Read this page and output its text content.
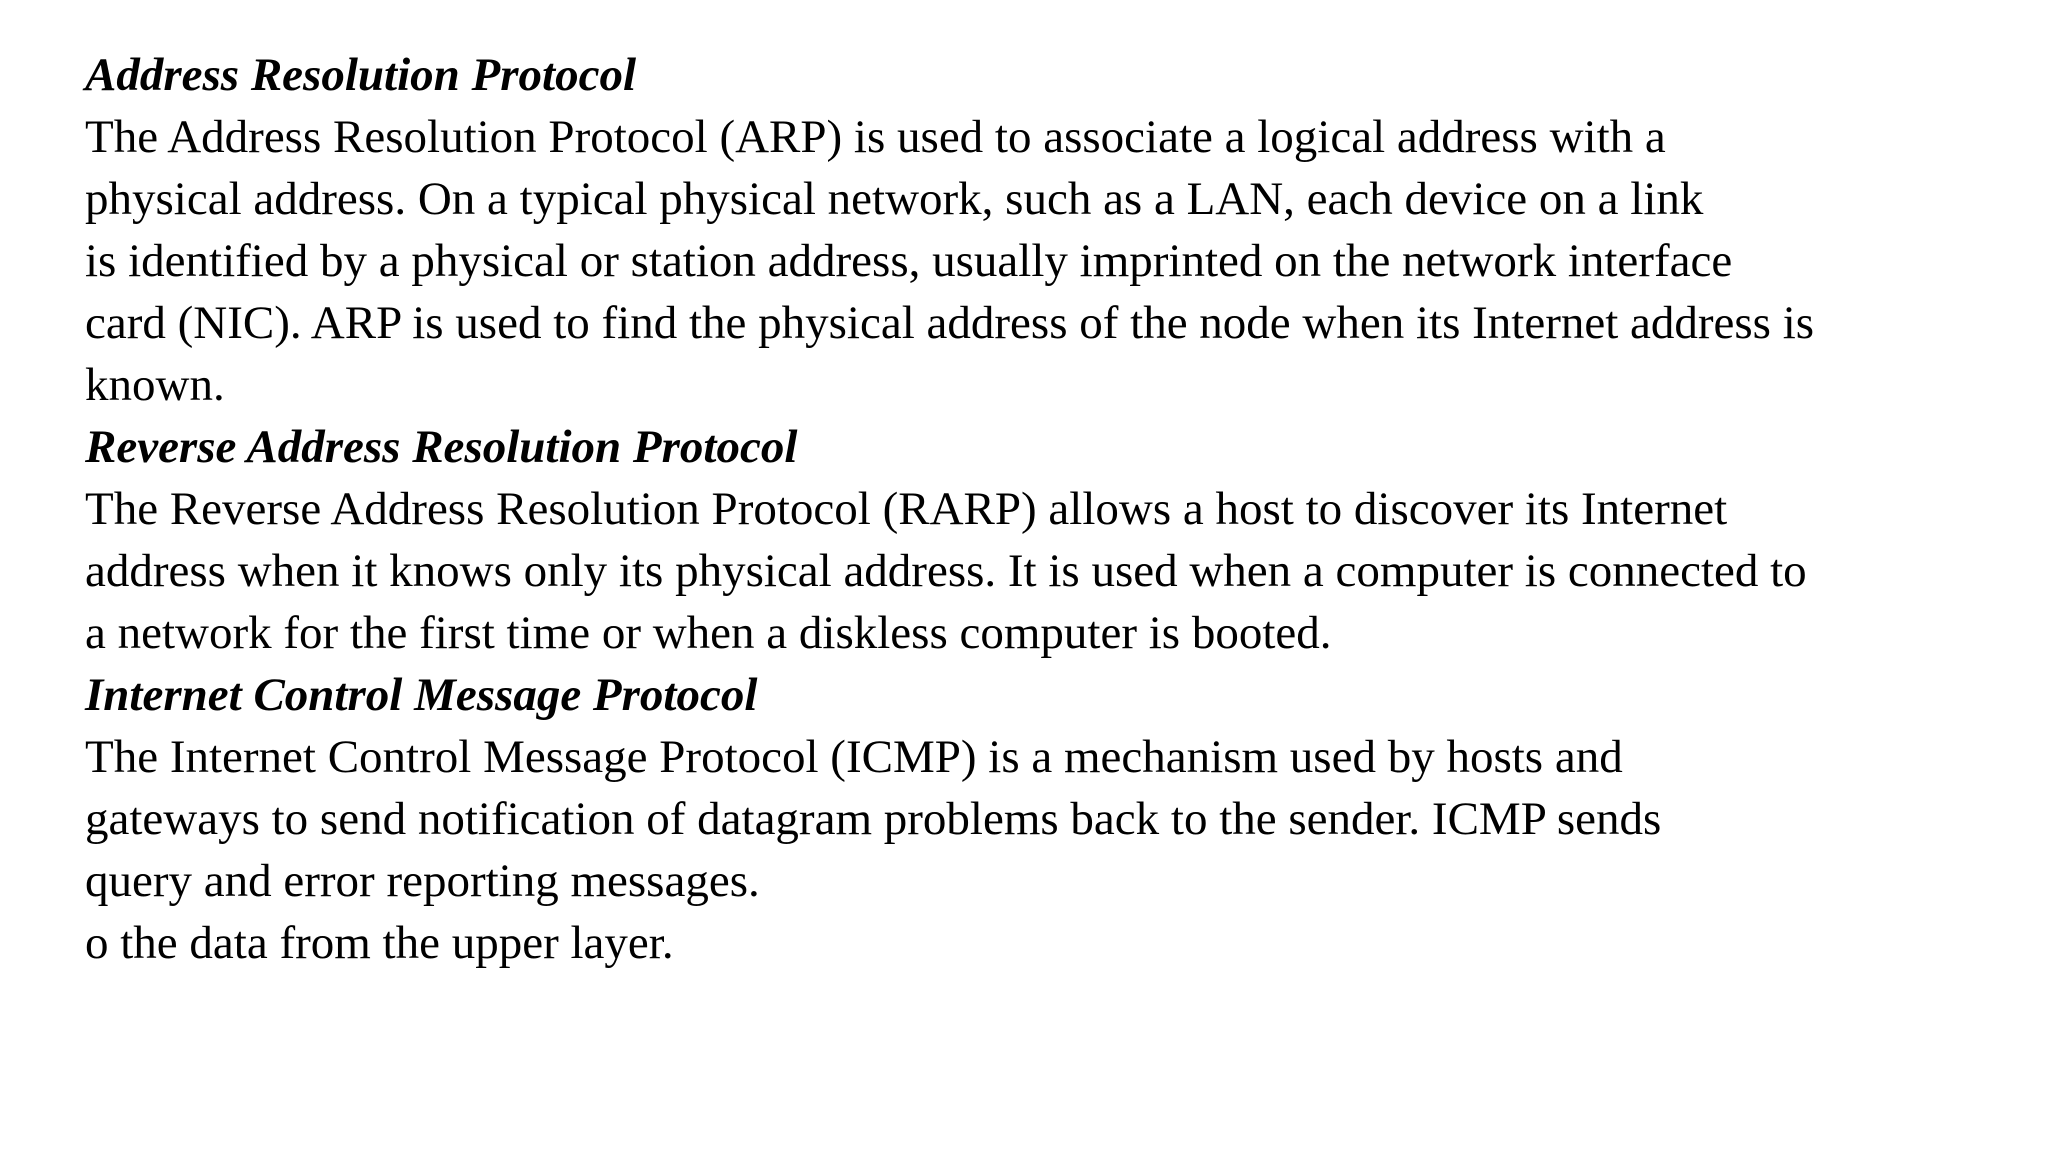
Address Resolution Protocol
The Address Resolution Protocol (ARP) is used to associate a logical address with a
physical address. On a typical physical network, such as a LAN, each device on a link
is identified by a physical or station address, usually imprinted on the network interface
card (NIC). ARP is used to find the physical address of the node when its Internet address is
known.
Reverse Address Resolution Protocol
The Reverse Address Resolution Protocol (RARP) allows a host to discover its Internet
address when it knows only its physical address. It is used when a computer is connected to
a network for the first time or when a diskless computer is booted.
Internet Control Message Protocol
The Internet Control Message Protocol (ICMP) is a mechanism used by hosts and
gateways to send notification of datagram problems back to the sender. ICMP sends
query and error reporting messages.
o the data from the upper layer.
